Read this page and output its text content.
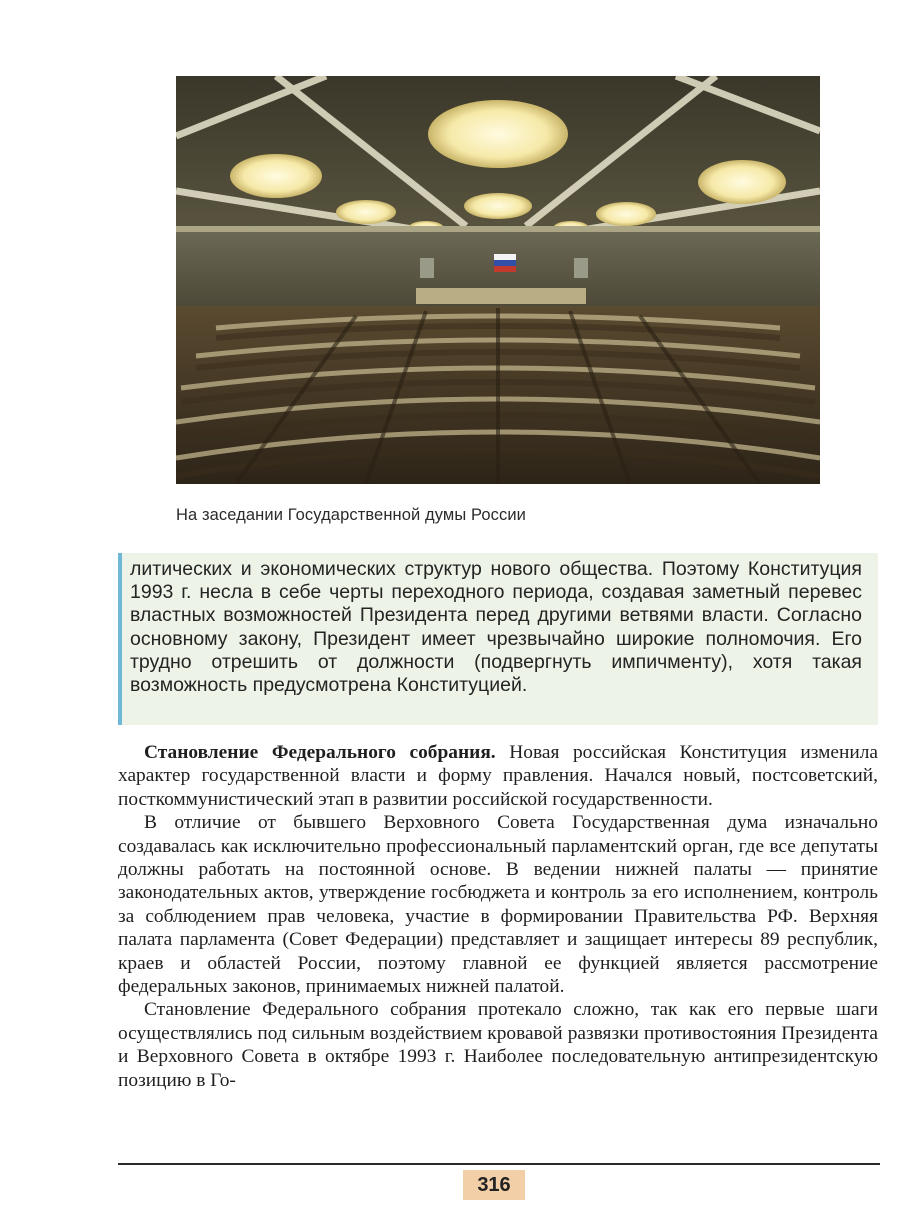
На заседании Государственной думы России

литических и экономических структур нового общества. Поэтому Конституция 1993 г. несла в себе черты переходного периода, создавая заметный перевес властных возможностей Президента перед другими ветвями власти. Согласно основному закону, Президент имеет чрезвычайно широкие полномочия. Его трудно отрешить от должности (подвергнуть импичменту), хотя такая возможность предусмотрена Конституцией.

Становление Федерального собрания. Новая российская Конституция изменила характер государственной власти и форму правления. Начался новый, постсоветский, посткоммунистический этап в развитии российской государственности.

В отличие от бывшего Верховного Совета Государственная дума изначально создавалась как исключительно профессиональный парламентский орган, где все депутаты должны работать на постоянной основе. В ведении нижней палаты — принятие законодательных актов, утверждение госбюджета и контроль за его исполнением, контроль за соблюдением прав человека, участие в формировании Правительства РФ. Верхняя палата парламента (Совет Федерации) представляет и защищает интересы 89 республик, краев и областей России, поэтому главной ее функцией является рассмотрение федеральных законов, принимаемых нижней палатой.

Становление Федерального собрания протекало сложно, так как его первые шаги осуществлялись под сильным воздействием кровавой развязки противостояния Президента и Верховного Совета в октябре 1993 г. Наиболее последовательную антипрезидентскую позицию в Го-

316
